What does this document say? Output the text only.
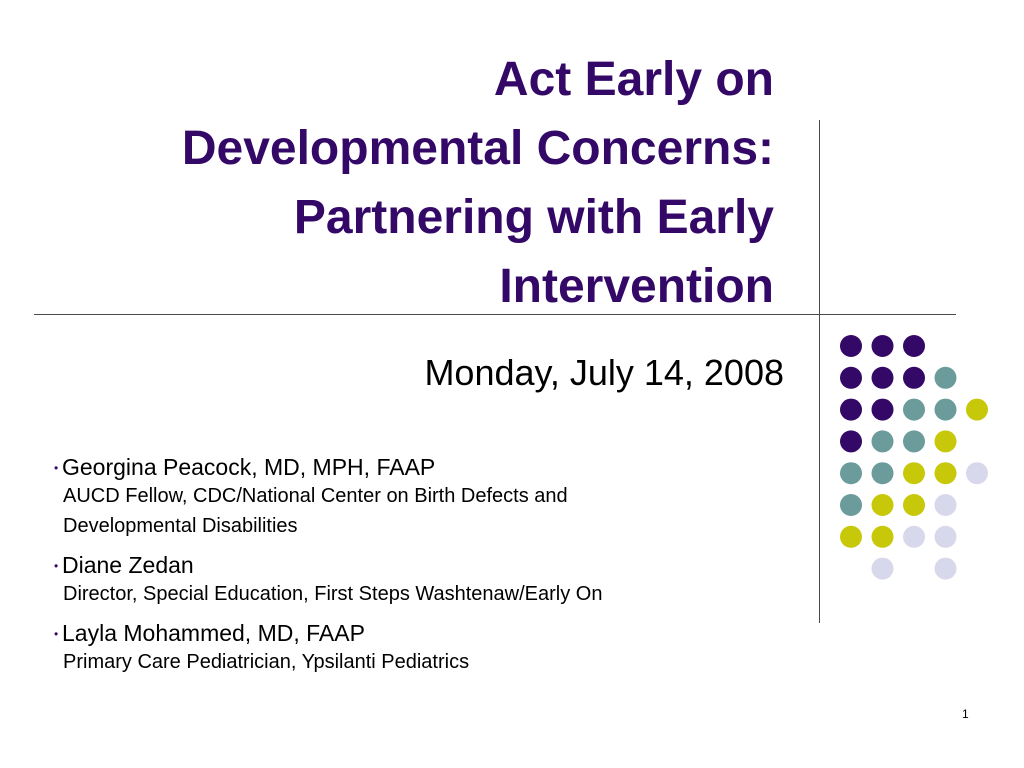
Act Early on
Developmental Concerns:
Partnering with Early
Intervention
Monday, July 14, 2008
• Georgina Peacock, MD, MPH, FAAP
AUCD Fellow, CDC/National Center on Birth Defects and
Developmental Disabilities
• Diane Zedan
Director, Special Education, First Steps Washtenaw/Early On
• Layla Mohammed, MD, FAAP
Primary Care Pediatrician, Ypsilanti Pediatrics
1
